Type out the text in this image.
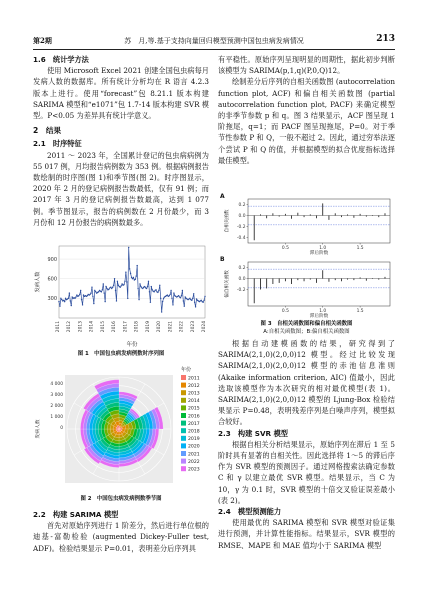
第2期	苏　月,等.基于支持向量回归模型预测中国包虫病发病情况	213
1.6　统计学方法
使用 Microsoft Excel 2021 创建全国包虫病每月发病人数的数据库。所有统计分析均在 R 语言 4.2.3 版本上进行。使用“forecast”包 8.21.1 版本构建 SARIMA 模型和“e1071”包 1.7-14 版本构建 SVR 模型。P<0.05 为差异具有统计学意义。
2　结果
2.1　时序特征
2011 ～ 2023 年，全国累计登记的包虫病病例为 55 017 例，月均报告病例数为 353 例。根据病例报告数绘制的时序图(图 1)和季节图(图 2)。时序图显示，2020 年 2 月的登记病例报告数最低，仅有 91 例；而 2017 年 3 月的登记病例报告数最高，达到 1 077 例。季节图显示，报告的病例数在 2 月份最少，而 3 月份和 12 月份报告的病例数最多。
900
600
300
2011 2012 2013 2014 2015 2016 2017 2018 2019 2020 2021 2022 2023 2024
发病人数
年份
图 1　中国包虫病发病例数时序列图
4 000
3 000
2 000
1 000
0
发病人数
年份
2011
2012
2013
2014
2015
2016
2017
2018
2019
2020
2021
2022
2023
图 2　中国包虫病发病例数季节图
2.2　构建 SARIMA 模型
首先对原始序列进行 1 阶差分，然后进行单位根的迪基-富勒检验 (augmented Dickey-Fuller test, ADF)。检验结果显示 P=0.01，表明差分后序列具
有平稳性。原始序列呈现明显的周期性，据此初步判断该模型为 SARIMA(p,1,q)(P,0,Q)12。
绘制差分后序列的自相关函数图 (autocorrelation function plot, ACF) 和偏自相关函数图 (partial autocorrelation function plot, PACF) 来确定模型的非季节参数 p 和 q。图 3 结果显示，ACF 图呈现 1 阶拖尾，q=1；而 PACF 图呈现拖尾，P=0。对于季节性参数 P 和 Q，一般不超过 2。因此，通过穷举法逐个尝试 P 和 Q 的值，并根据模型的拟合优度指标选择最佳模型。
A
0.2
0.0
-0.2
-0.4
0.5	1.0	1.5
自相关函数
滞后阶数
B
0.2
0.0
-0.2
0.5	1.0	1.5
偏自相关函数
滞后阶数
图 3　自相关函数图和偏自相关函数图
A:自相关函数图；B:偏自相关函数图
根据自动建模函数的结果，研究得到了 SARIMA(2,1,0)(2,0,0)12 模型。经过比较发现 SARIMA(2,1,0)(2,0,0)12 模型的赤池信息准则 (Akaike information criterion, AIC) 值最小，因此选取该模型作为本次研究的相对最优模型(表 1)。SARIMA(2,1,0)(2,0,0)12 模型的 Ljung-Box 检验结果显示 P=0.48，表明残差序列是白噪声序列，模型拟合较好。
2.3　构建 SVR 模型
根据自相关分析结果显示，原始序列在滞后 1 至 5 阶时具有显著的自相关性。因此选择将 1～5 的滞后序作为 SVR 模型的预测因子。通过网格搜索法确定参数 C 和 γ 以建立最优 SVR 模型。结果显示，当 C 为 10，γ 为 0.1 时，SVR 模型的十倍交叉验证误差最小(表 2)。
2.4　模型预测能力
使用最优的 SARIMA 模型和 SVR 模型对验证集进行预测，并计算性能指标。结果显示，SVR 模型的 RMSE、MAPE 和 MAE 值均小于 SARIMA 模型
